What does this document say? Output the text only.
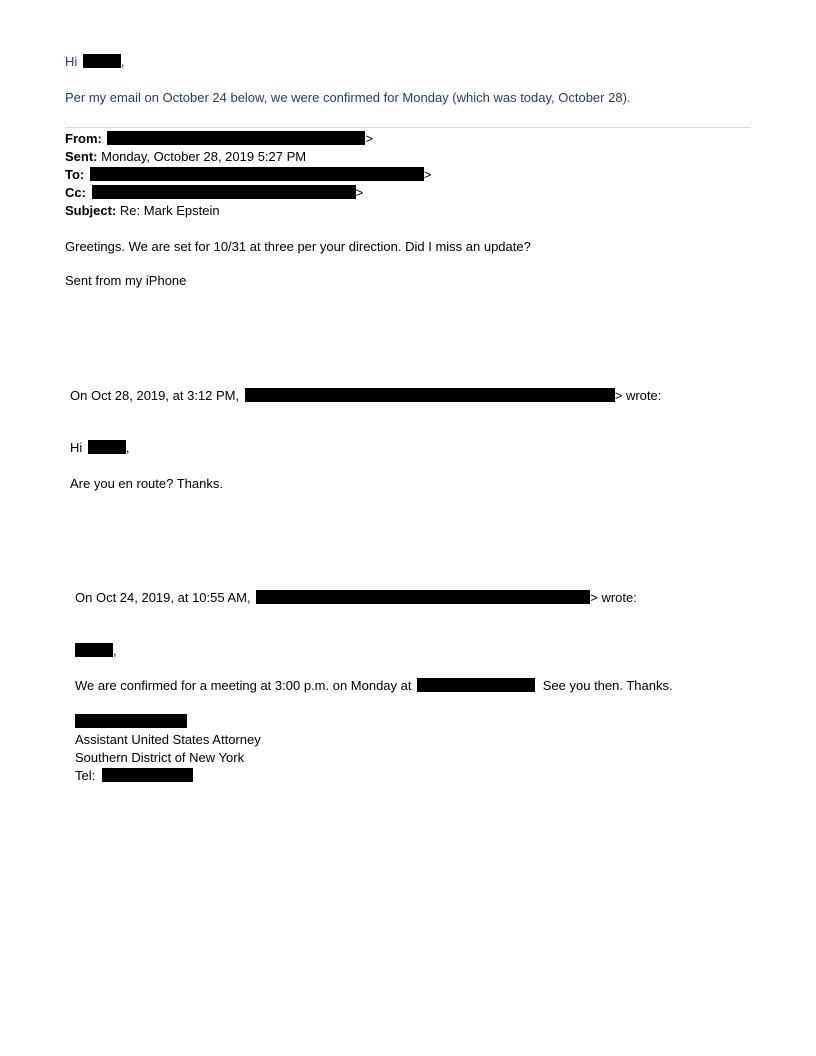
Hi	,
Per my email on October 24 below, we were confirmed for Monday (which was today, October 28).
From:	>
Sent: Monday, October 28, 2019 5:27 PM
To:	>
Cc:	>
Subject: Re: Mark Epstein
Greetings. We are set for 10/31 at three per your direction. Did I miss an update?
Sent from my iPhone
On Oct 28, 2019, at 3:12 PM,	> wrote:
Hi	,
Are you en route? Thanks.
On Oct 24, 2019, at 10:55 AM,	> wrote:
,
We are confirmed for a meeting at 3:00 p.m. on Monday at	See you then. Thanks.
Assistant United States Attorney
Southern District of New York
Tel:
